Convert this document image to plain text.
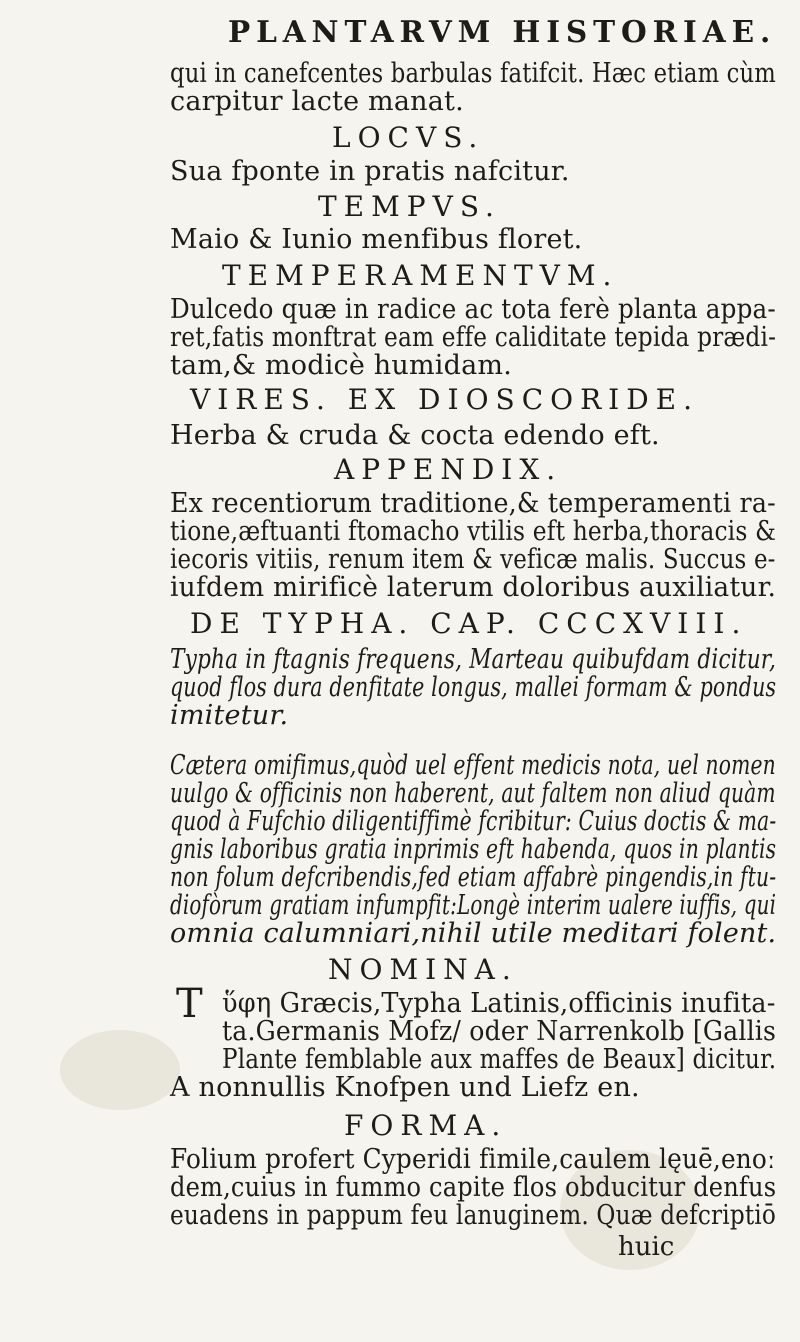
PLANTARVM HISTORIAE.
qui in canefcentes barbulas fatifcit. Hæc etiam cùm
carpitur lacte manat.
LOCVS.
Sua fponte in pratis nafcitur.
TEMPVS.
Maio & Iunio menfibus floret.
TEMPERAMENTVM.
Dulcedo quæ in radice ac tota ferè planta appa-
ret,fatis monftrat eam effe caliditate tepida prædi-
tam,& modicè humidam.
VIRES. EX DIOSCORIDE.
Herba & cruda & cocta edendo eft.
APPENDIX.
Ex recentiorum traditione,& temperamenti ra-
tione,æftuanti ftomacho vtilis eft herba,thoracis &
iecoris vitiis, renum item & veficæ malis. Succus e-
iufdem mirificè laterum doloribus auxiliatur.
DE TYPHA. CAP. CCCXVIII.
Typha in ftagnis frequens, Marteau quibufdam dicitur,
quod flos dura denfitate longus, mallei formam & pondus
imitetur.
Cætera omifimus,quòd uel effent medicis nota, uel nomen
uulgo & officinis non haberent, aut faltem non aliud quàm
quod à Fufchio diligentiffimè fcribitur: Cuius doctis & ma-
gnis laboribus gratia inprimis eft habenda, quos in plantis
non folum defcribendis,fed etiam affabrè pingendis,in ftu-
diofòrum gratiam infumpfit:Longè interim ualere iuffis, qui
omnia calumniari,nihil utile meditari folent.
NOMINA.
T ὕφη Græcis,Typha Latinis,officinis inufita-
ta.Germanis Mofz/ oder Narrenkolb [Gallis
Plante femblable aux maffes de Beaux] dicitur.
A nonnullis Knofpen und Liefz en.
FORMA.
Folium profert Cyperidi fimile,caulem lęuē,enoː
dem,cuius in fummo capite flos obducitur denfus
euadens in pappum feu lanuginem. Quæ defcriptiō
huic
